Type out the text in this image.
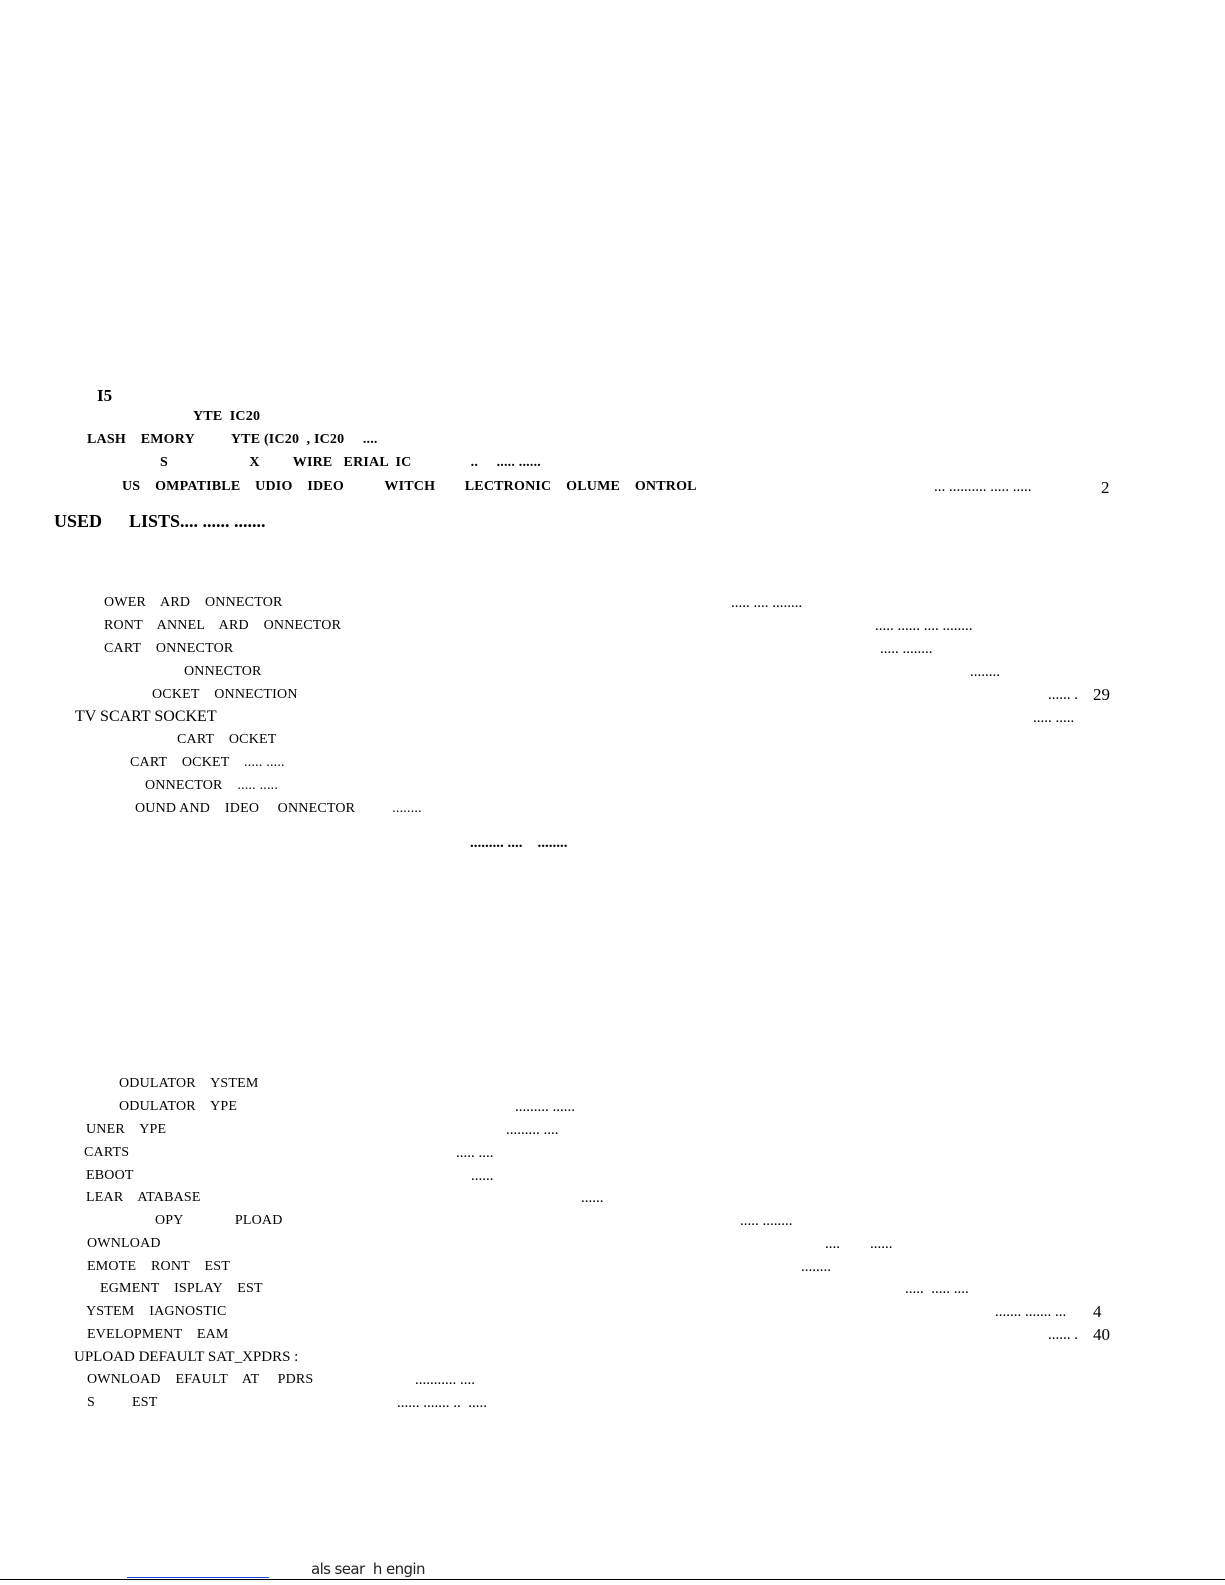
I5
YTE  IC20
LASH    EMORY          YTE (IC20  , IC20     ....
S                      X         WIRE   ERIAL  IC                ..     ..... ......
US    OMPATIBLE    UDIO    IDEO           WITCH        LECTRONIC    OLUME    ONTROL	... .......... ..... .....	2
USED      LISTS.... ...... .......
OWER    ARD    ONNECTOR	..... .... ........
RONT    ANNEL    ARD    ONNECTOR	..... ...... .... ........
CART    ONNECTOR	..... ........
ONNECTOR	........
OCKET    ONNECTION	...... . 29
TV SCART SOCKET	..... .....
CART    OCKET
CART    OCKET    ..... .....
ONNECTOR    ..... .....
OUND AND    IDEO     ONNECTOR          ........
......... ....    ........
ODULATOR    YSTEM
ODULATOR    YPE	......... ......
UNER    YPE	......... ....
CARTS	..... ....
EBOOT	......
LEAR    ATABASE	......
OPY              PLOAD	..... ........
OWNLOAD	....        ......
EMOTE    RONT    EST	........
EGMENT    ISPLAY    EST	.....  ..... ....
YSTEM    IAGNOSTIC	....... ....... ... 4
EVELOPMENT    EAM	...... . 40
UPLOAD DEFAULT SAT_XPDRS :
OWNLOAD    EFAULT    AT     PDRS	........... ....
S          EST	...... ....... ..  .....
als sear  h engin
